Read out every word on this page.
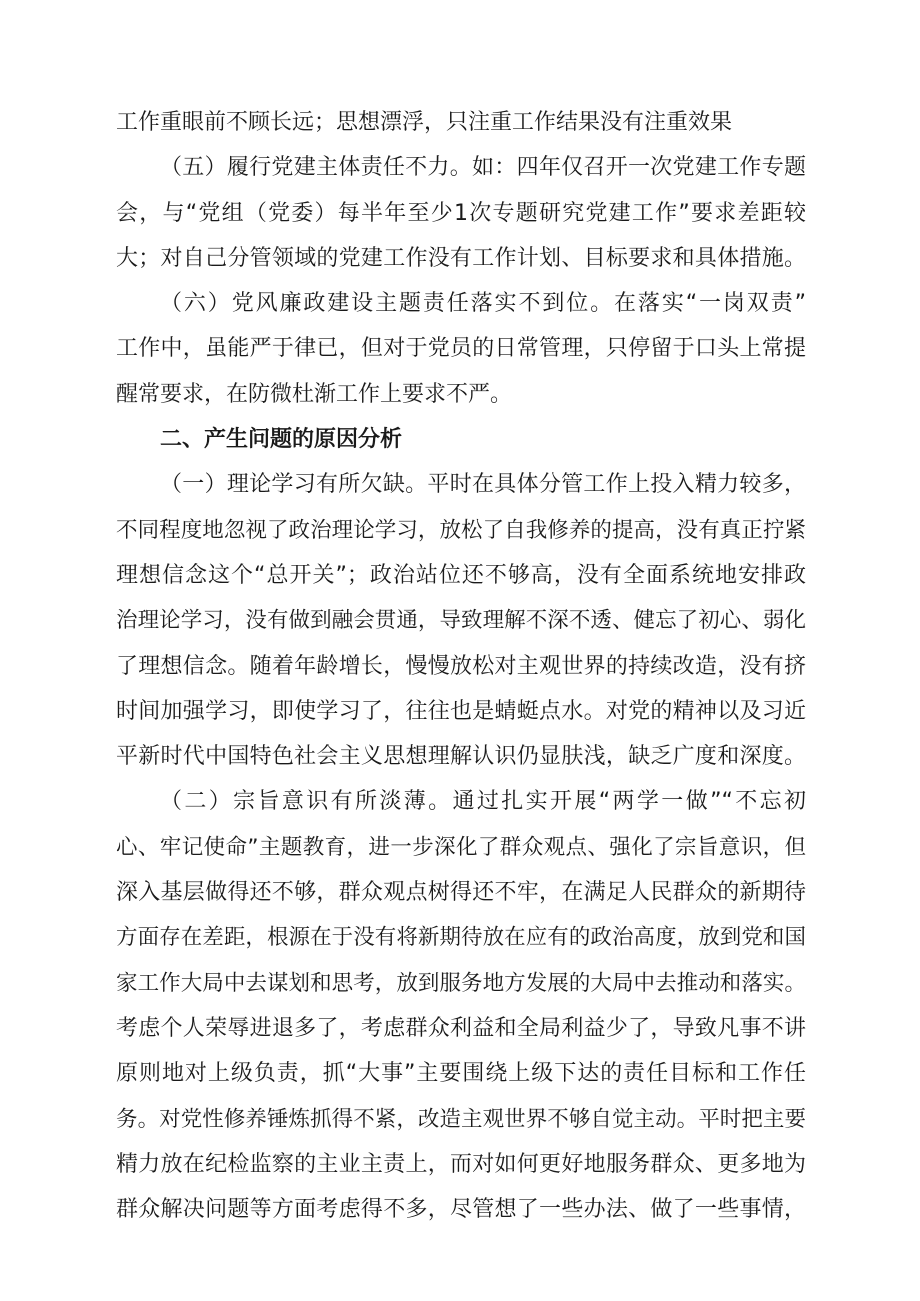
工作重眼前不顾长远；思想漂浮，只注重工作结果没有注重效果
（五）履行党建主体责任不力。如：四年仅召开一次党建工作专题
会，与“党组（党委）每半年至少1次专题研究党建工作”要求差距较
大；对自己分管领域的党建工作没有工作计划、目标要求和具体措施。
（六）党风廉政建设主题责任落实不到位。在落实“一岗双责”
工作中，虽能严于律已，但对于党员的日常管理，只停留于口头上常提
醒常要求，在防微杜渐工作上要求不严。
二、产生问题的原因分析
（一）理论学习有所欠缺。平时在具体分管工作上投入精力较多，
不同程度地忽视了政治理论学习，放松了自我修养的提高，没有真正拧紧
理想信念这个“总开关”；政治站位还不够高，没有全面系统地安排政
治理论学习，没有做到融会贯通，导致理解不深不透、健忘了初心、弱化
了理想信念。随着年龄增长，慢慢放松对主观世界的持续改造，没有挤
时间加强学习，即使学习了，往往也是蜻蜓点水。对党的精神以及习近
平新时代中国特色社会主义思想理解认识仍显肤浅，缺乏广度和深度。
（二）宗旨意识有所淡薄。通过扎实开展“两学一做”“不忘初
心、牢记使命”主题教育，进一步深化了群众观点、强化了宗旨意识，但
深入基层做得还不够，群众观点树得还不牢，在满足人民群众的新期待
方面存在差距，根源在于没有将新期待放在应有的政治高度，放到党和国
家工作大局中去谋划和思考，放到服务地方发展的大局中去推动和落实。
考虑个人荣辱进退多了，考虑群众利益和全局利益少了，导致凡事不讲
原则地对上级负责，抓“大事”主要围绕上级下达的责任目标和工作任
务。对党性修养锤炼抓得不紧，改造主观世界不够自觉主动。平时把主要
精力放在纪检监察的主业主责上，而对如何更好地服务群众、更多地为
群众解决问题等方面考虑得不多，尽管想了一些办法、做了一些事情，
